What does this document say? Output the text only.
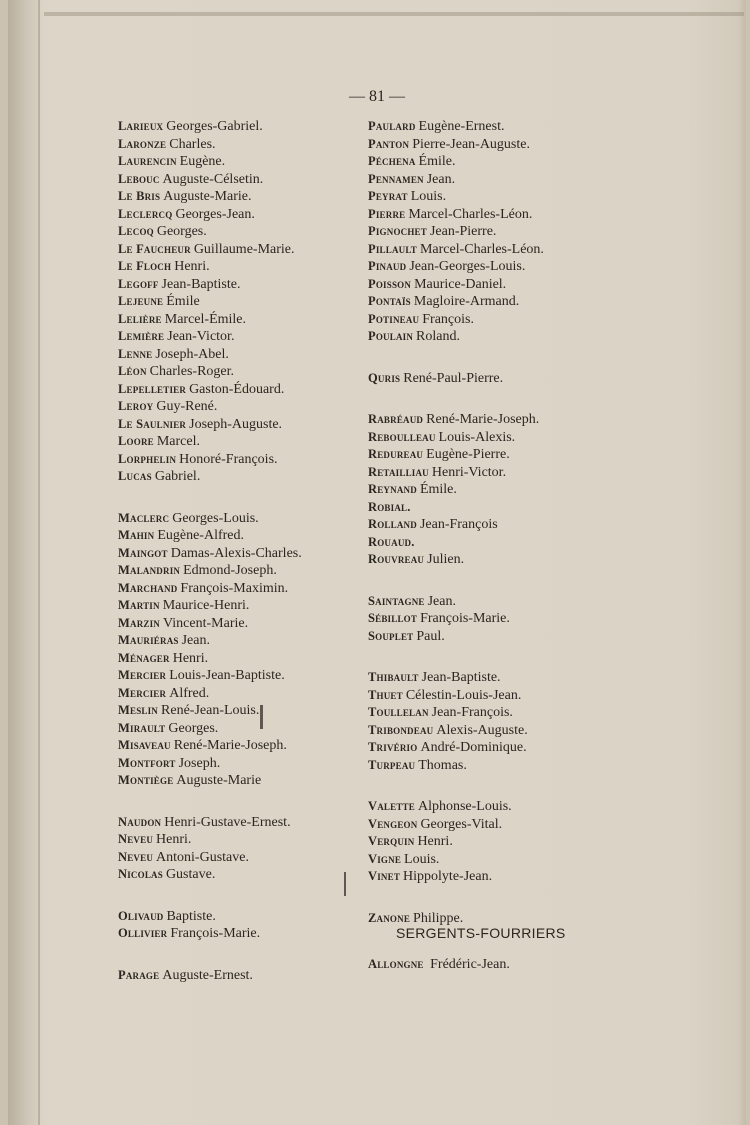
— 81 —
Larieux Georges-Gabriel.
Laronze Charles.
Laurencin Eugène.
Lebouc Auguste-Célsetin.
Le Bris Auguste-Marie.
Leclercq Georges-Jean.
Lecoq Georges.
Le Faucheur Guillaume-Marie.
Le Floch Henri.
Legoff Jean-Baptiste.
Lejeune Émile
Lelière Marcel-Émile.
Lemière Jean-Victor.
Lenne Joseph-Abel.
Léon Charles-Roger.
Lepelletier Gaston-Édouard.
Leroy Guy-René.
Le Saulnier Joseph-Auguste.
Loore Marcel.
Lorphelin Honoré-François.
Lucas Gabriel.
Maclerc Georges-Louis.
Mahin Eugène-Alfred.
Maingot Damas-Alexis-Charles.
Malandrin Edmond-Joseph.
Marchand François-Maximin.
Martin Maurice-Henri.
Marzin Vincent-Marie.
Mauriéras Jean.
Ménager Henri.
Mercier Louis-Jean-Baptiste.
Mercier Alfred.
Meslin René-Jean-Louis.
Mirault Georges.
Misaveau René-Marie-Joseph.
Montfort Joseph.
Montiège Auguste-Marie
Naudon Henri-Gustave-Ernest.
Neveu Henri.
Neveu Antoni-Gustave.
Nicolas Gustave.
Olivaud Baptiste.
Ollivier François-Marie.
Parage Auguste-Ernest.
Paulard Eugène-Ernest.
Panton Pierre-Jean-Auguste.
Péchena Émile.
Pennamen Jean.
Peyrat Louis.
Pierre Marcel-Charles-Léon.
Pignochet Jean-Pierre.
Pillault Marcel-Charles-Léon.
Pinaud Jean-Georges-Louis.
Poisson Maurice-Daniel.
Pontaïs Magloire-Armand.
Potineau François.
Poulain Roland.
Quris René-Paul-Pierre.
Rabréaud René-Marie-Joseph.
Reboulleau Louis-Alexis.
Redureau Eugène-Pierre.
Retailliau Henri-Victor.
Reynand Émile.
Robial.
Rolland Jean-François
Rouaud.
Rouvreau Julien.
Saintagne Jean.
Sébillot François-Marie.
Souplet Paul.
Thibault Jean-Baptiste.
Thuet Célestin-Louis-Jean.
Toullelan Jean-François.
Tribondeau Alexis-Auguste.
Trivério André-Dominique.
Turpeau Thomas.
Valette Alphonse-Louis.
Vengeon Georges-Vital.
Verquin Henri.
Vigne Louis.
Vinet Hippolyte-Jean.
Zanone Philippe.
SERGENTS-FOURRIERS
Allongne Frédéric-Jean.
